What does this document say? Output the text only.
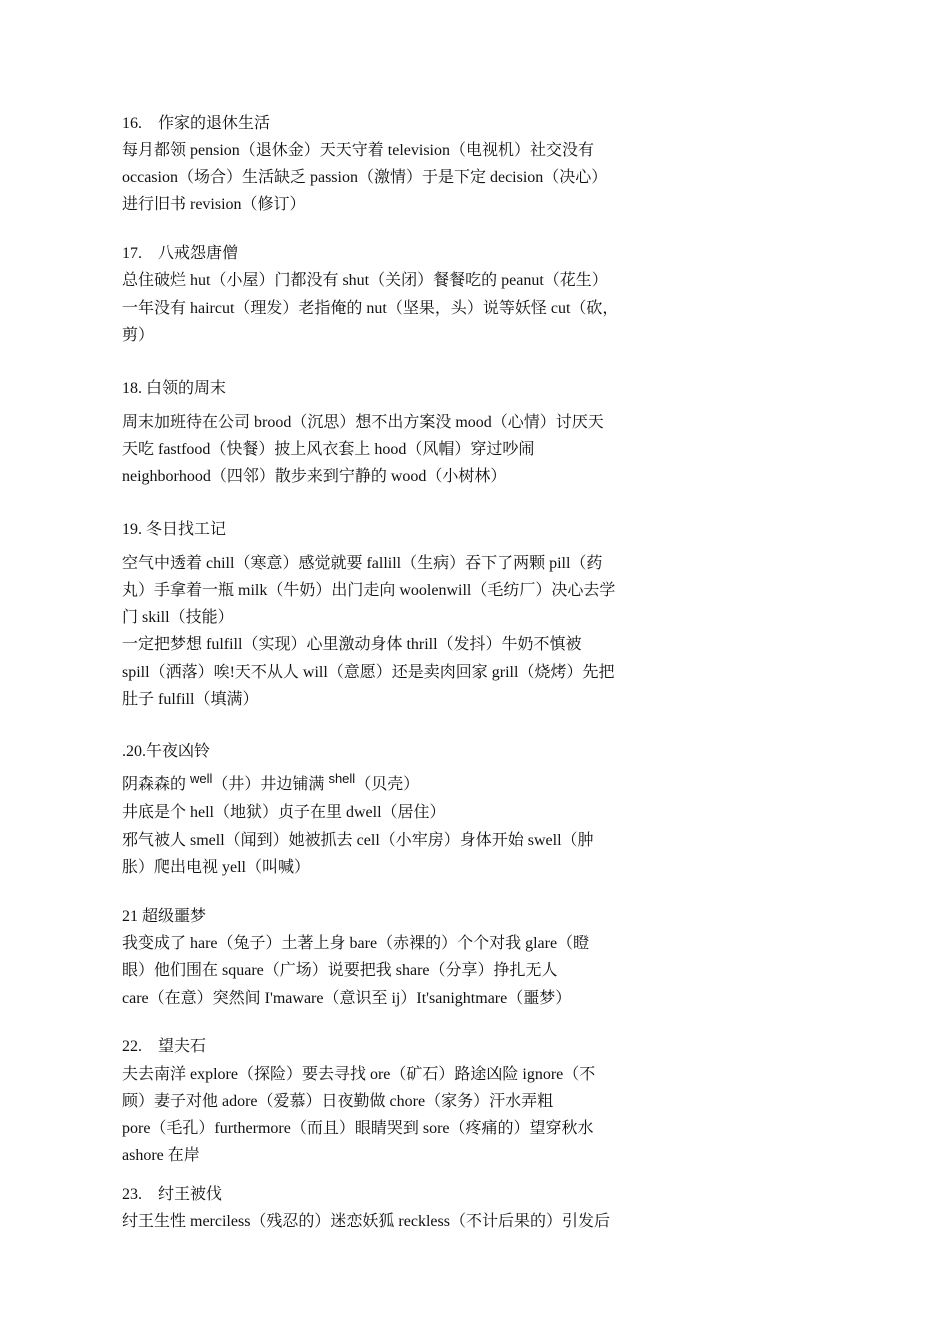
16.　作家的退休生活
每月都领 pension（退休金）天天守着 television（电视机）社交没有
occasion（场合）生活缺乏 passion（激情）于是下定 decision（决心）
进行旧书 revision（修订）
17.　八戒怨唐僧
总住破烂 hut（小屋）门都没有 shut（关闭）餐餐吃的 peanut（花生）
一年没有 haircut（理发）老指俺的 nut（坚果，头）说等妖怪 cut（砍，
剪）
18. 白领的周末
周末加班待在公司 brood（沉思）想不出方案没 mood（心情）讨厌天
天吃 fastfood（快餐）披上风衣套上 hood（风帽）穿过吵闹
neighborhood（四邻）散步来到宁静的 wood（小树林）
19. 冬日找工记
空气中透着 chill（寒意）感觉就要 fallill（生病）吞下了两颗 pill（药
丸）手拿着一瓶 milk（牛奶）出门走向 woolenwill（毛纺厂）决心去学
门 skill（技能）
一定把梦想 fulfill（实现）心里激动身体 thrill（发抖）牛奶不慎被
spill（洒落）唉!天不从人 will（意愿）还是卖肉回家 grill（烧烤）先把
肚子 fulfill（填满）
.20.午夜凶铃
阴森森的 $^{well}$（井）井边铺满 $^{shell}$（贝壳）
井底是个 hell（地狱）贞子在里 dwell（居住）
邪气被人 smell（闻到）她被抓去 cell（小牢房）身体开始 swell（肿
胀）爬出电视 yell（叫喊）
21 超级噩梦
我变成了 hare（兔子）土著上身 bare（赤裸的）个个对我 glare（瞪
眼）他们围在 square（广场）说要把我 share（分享）挣扎无人
care（在意）突然间 I'maware（意识至 ij）It'sanightmare（噩梦）
22.　望夫石
夫去南洋 explore（探险）要去寻找 ore（矿石）路途凶险 ignore（不
顾）妻子对他 adore（爱慕）日夜勤做 chore（家务）汗水弄粗
pore（毛孔）furthermore（而且）眼睛哭到 sore（疼痛的）望穿秋水
ashore 在岸
23.　纣王被伐
纣王生性 merciless（残忍的）迷恋妖狐 reckless（不计后果的）引发后
